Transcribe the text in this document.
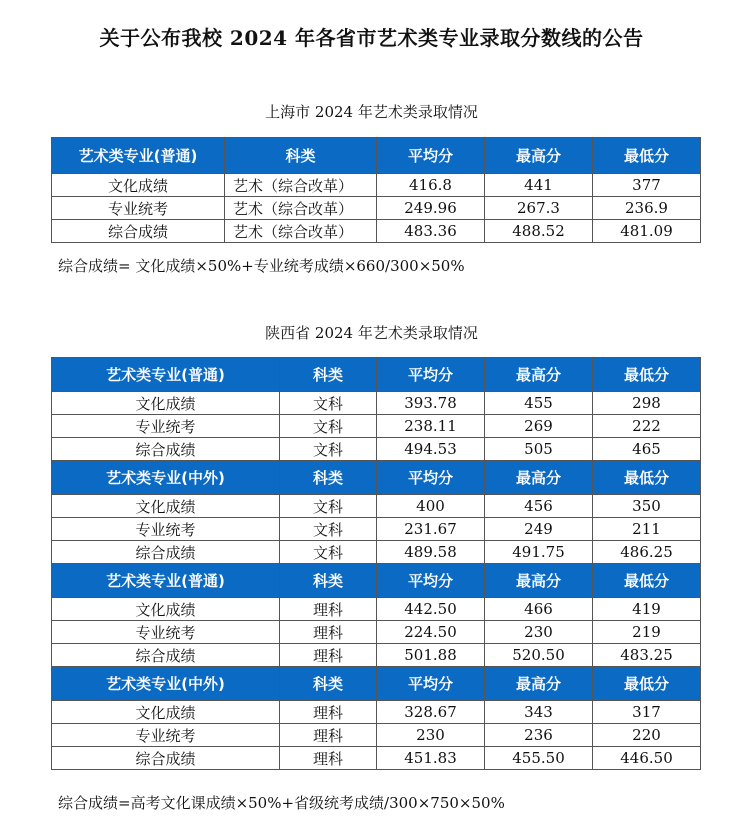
关于公布我校 2024 年各省市艺术类专业录取分数线的公告
上海市 2024 年艺术类录取情况
艺术类专业(普通)	科类	平均分	最高分	最低分
文化成绩	艺术（综合改革）	416.8	441	377
专业统考	艺术（综合改革）	249.96	267.3	236.9
综合成绩	艺术（综合改革）	483.36	488.52	481.09
综合成绩= 文化成绩×50%+专业统考成绩×660/300×50%
陕西省 2024 年艺术类录取情况
艺术类专业(普通)	科类	平均分	最高分	最低分
文化成绩	文科	393.78	455	298
专业统考	文科	238.11	269	222
综合成绩	文科	494.53	505	465
艺术类专业(中外)	科类	平均分	最高分	最低分
文化成绩	文科	400	456	350
专业统考	文科	231.67	249	211
综合成绩	文科	489.58	491.75	486.25
艺术类专业(普通)	科类	平均分	最高分	最低分
文化成绩	理科	442.50	466	419
专业统考	理科	224.50	230	219
综合成绩	理科	501.88	520.50	483.25
艺术类专业(中外)	科类	平均分	最高分	最低分
文化成绩	理科	328.67	343	317
专业统考	理科	230	236	220
综合成绩	理科	451.83	455.50	446.50
综合成绩=高考文化课成绩×50%+省级统考成绩/300×750×50%
